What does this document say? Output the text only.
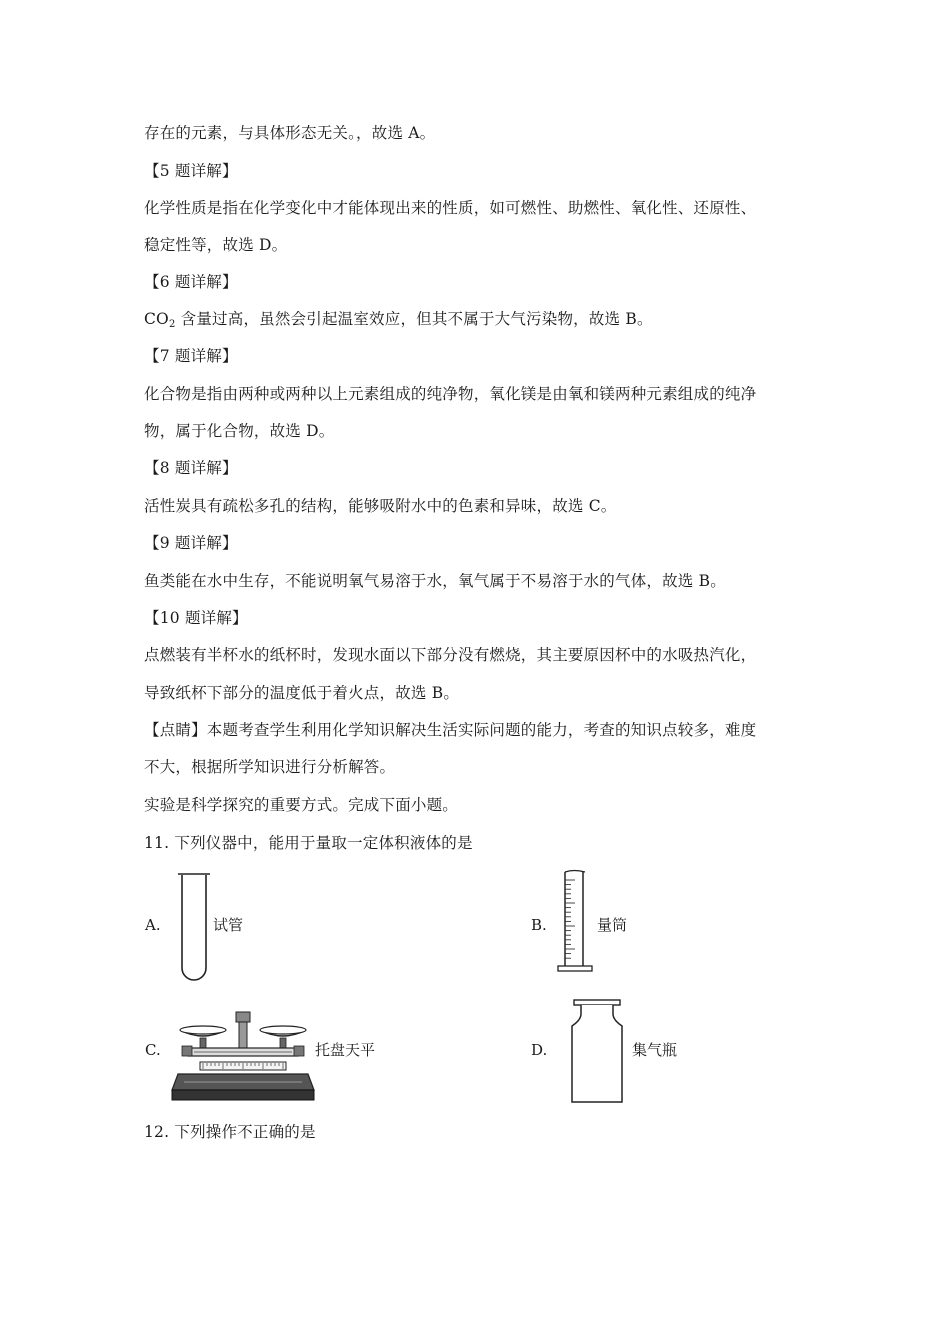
存在的元素，与具体形态无关。，故选 A。
【5 题详解】
化学性质是指在化学变化中才能体现出来的性质，如可燃性、助燃性、氧化性、还原性、
稳定性等，故选 D。
【6 题详解】
$CO_2$ 含量过高，虽然会引起温室效应，但其不属于大气污染物，故选 B。
【7 题详解】
化合物是指由两种或两种以上元素组成的纯净物，氧化镁是由氧和镁两种元素组成的纯净
物，属于化合物，故选 D。
【8 题详解】
活性炭具有疏松多孔的结构，能够吸附水中的色素和异味，故选 C。
【9 题详解】
鱼类能在水中生存，不能说明氧气易溶于水，氧气属于不易溶于水的气体，故选 B。
【10 题详解】
点燃装有半杯水的纸杯时，发现水面以下部分没有燃烧，其主要原因杯中的水吸热汽化，
导致纸杯下部分的温度低于着火点，故选 B。
【点睛】本题考查学生利用化学知识解决生活实际问题的能力，考查的知识点较多，难度
不大，根据所学知识进行分析解答。
实验是科学探究的重要方式。完成下面小题。
11. 下列仪器中，能用于量取一定体积液体的是
A.	试管	B.	量筒
C.	托盘天平	D.	集气瓶
12. 下列操作不正确的是
